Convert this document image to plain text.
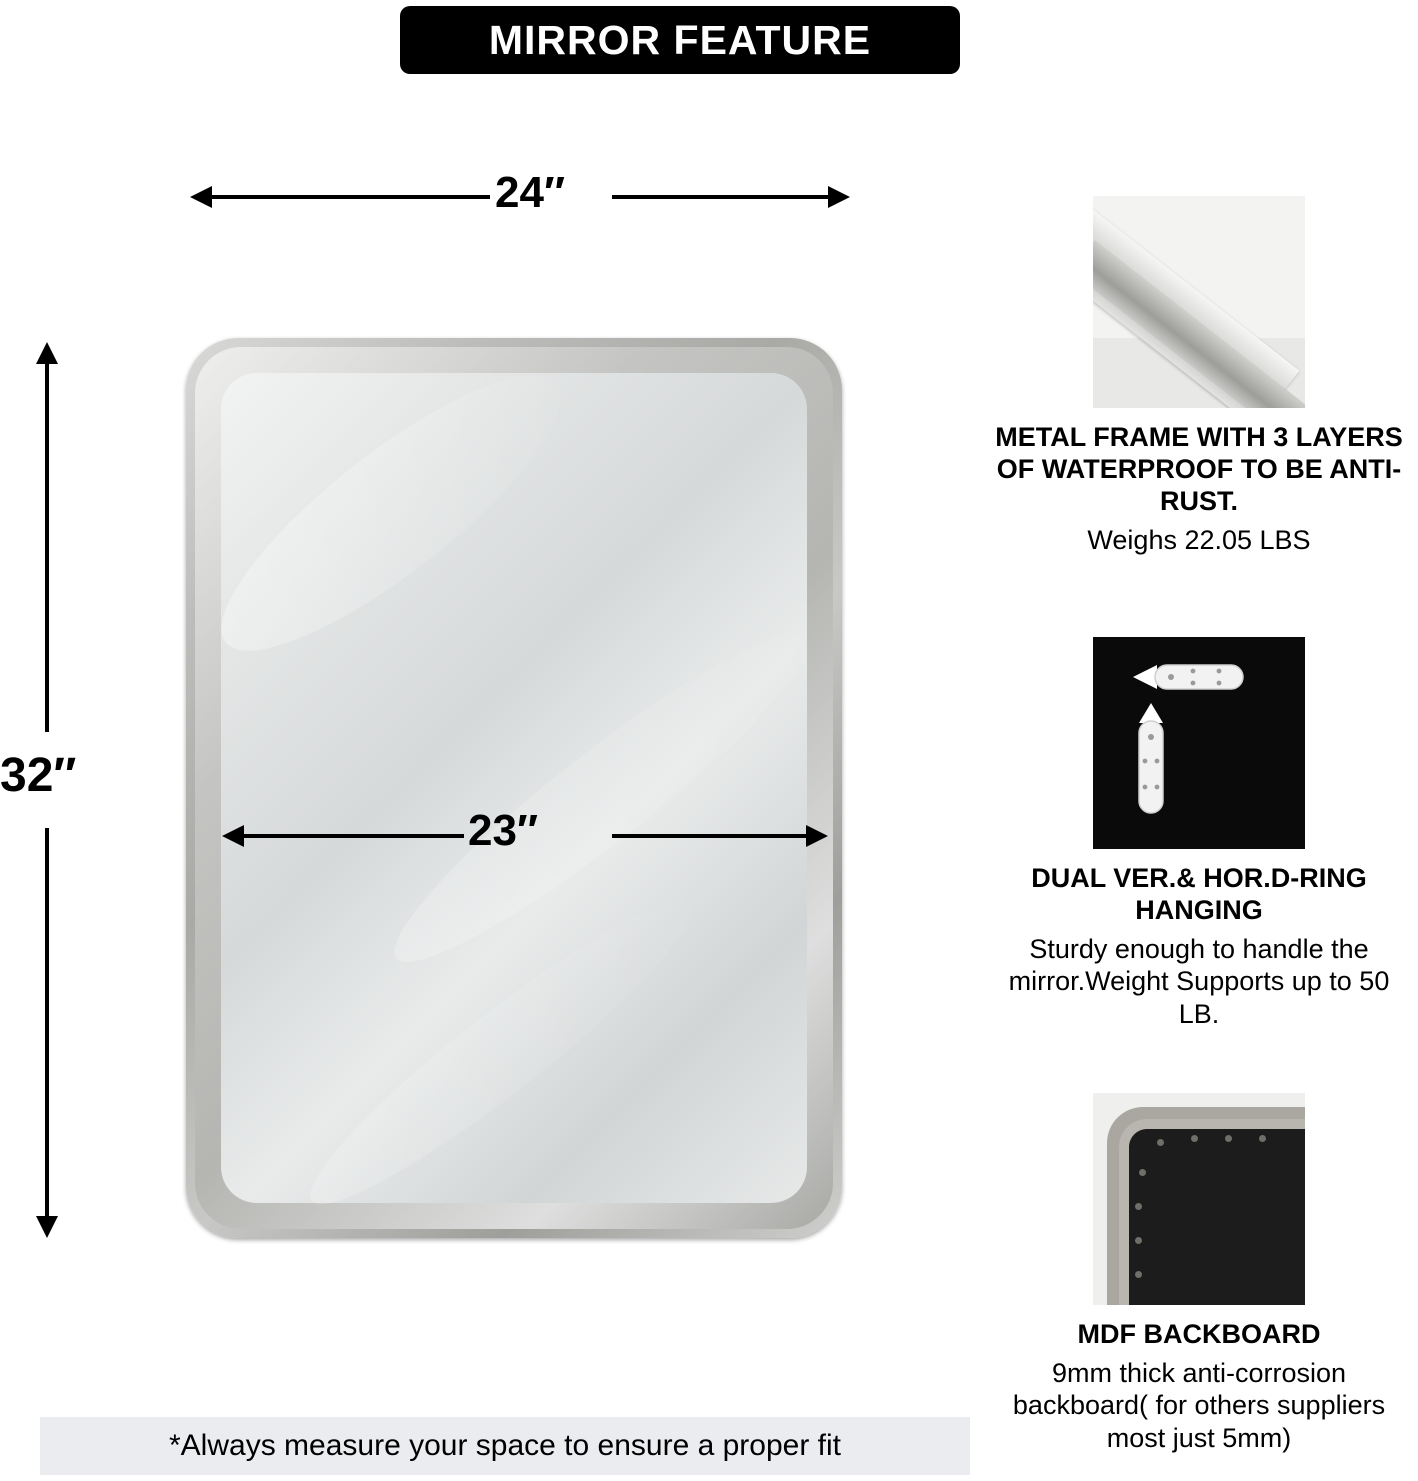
MIRROR FEATURE
24″
32″
23″
METAL FRAME WITH 3 LAYERS OF WATERPROOF TO BE ANTI-RUST.
Weighs 22.05 LBS
DUAL VER.& HOR.D-RING HANGING
Sturdy enough to handle the mirror.Weight Supports up to 50 LB.
MDF BACKBOARD
9mm thick anti-corrosion backboard( for others suppliers most just 5mm)
*Always measure your space to ensure a proper fit
